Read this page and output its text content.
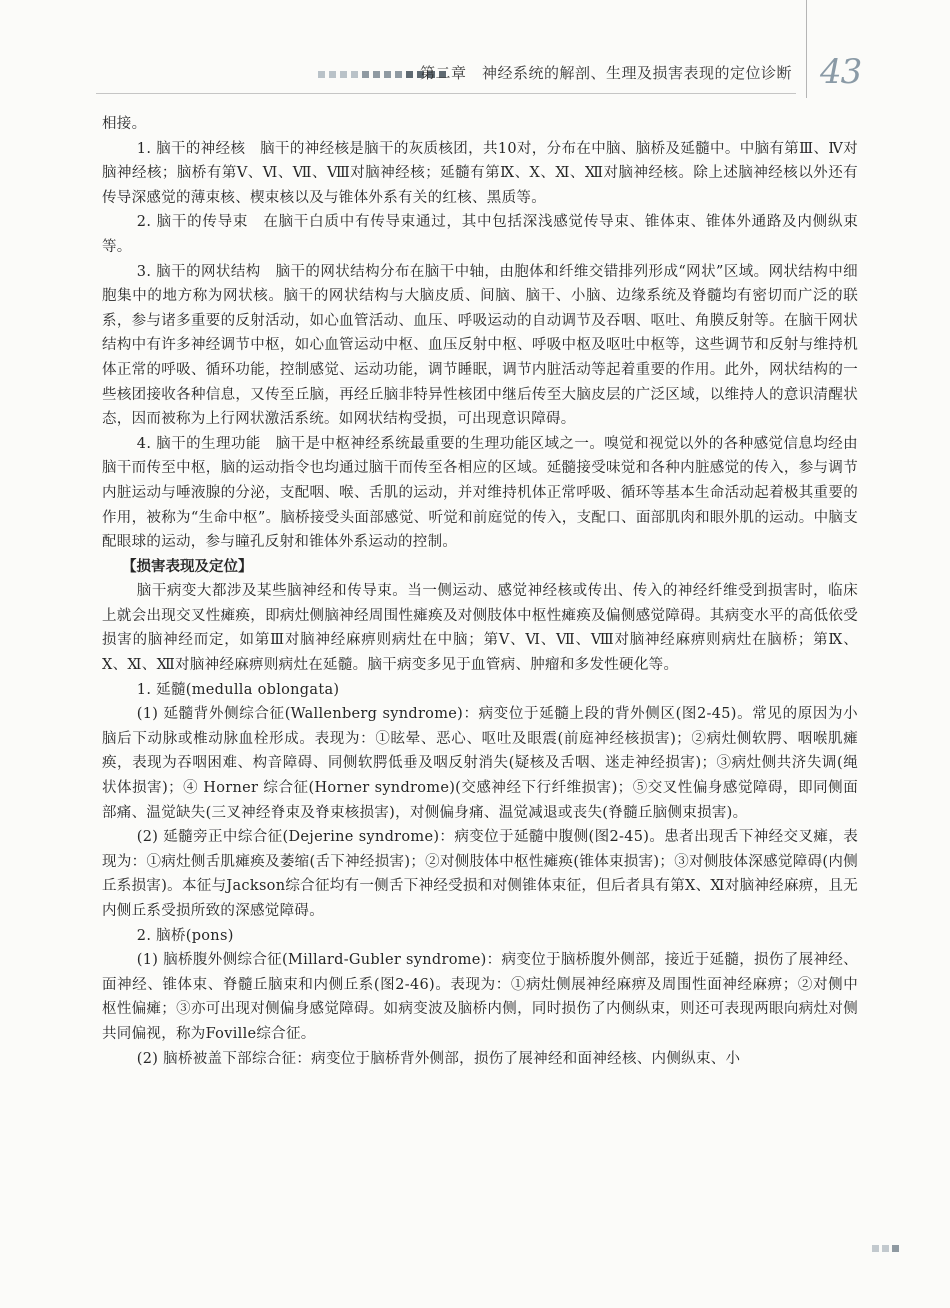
第二章　神经系统的解剖、生理及损害表现的定位诊断 43

相接。

1. 脑干的神经核　脑干的神经核是脑干的灰质核团，共10对，分布在中脑、脑桥及延髓中。中脑有第Ⅲ、Ⅳ对脑神经核；脑桥有第Ⅴ、Ⅵ、Ⅶ、Ⅷ对脑神经核；延髓有第Ⅸ、Ⅹ、Ⅺ、Ⅻ对脑神经核。除上述脑神经核以外还有传导深感觉的薄束核、楔束核以及与锥体外系有关的红核、黑质等。

2. 脑干的传导束　在脑干白质中有传导束通过，其中包括深浅感觉传导束、锥体束、锥体外通路及内侧纵束等。

3. 脑干的网状结构　脑干的网状结构分布在脑干中轴，由胞体和纤维交错排列形成“网状”区域。网状结构中细胞集中的地方称为网状核。脑干的网状结构与大脑皮质、间脑、脑干、小脑、边缘系统及脊髓均有密切而广泛的联系，参与诸多重要的反射活动，如心血管活动、血压、呼吸运动的自动调节及吞咽、呕吐、角膜反射等。在脑干网状结构中有许多神经调节中枢，如心血管运动中枢、血压反射中枢、呼吸中枢及呕吐中枢等，这些调节和反射与维持机体正常的呼吸、循环功能，控制感觉、运动功能，调节睡眠，调节内脏活动等起着重要的作用。此外，网状结构的一些核团接收各种信息，又传至丘脑，再经丘脑非特异性核团中继后传至大脑皮层的广泛区域，以维持人的意识清醒状态，因而被称为上行网状激活系统。如网状结构受损，可出现意识障碍。

4. 脑干的生理功能　脑干是中枢神经系统最重要的生理功能区域之一。嗅觉和视觉以外的各种感觉信息均经由脑干而传至中枢，脑的运动指令也均通过脑干而传至各相应的区域。延髓接受味觉和各种内脏感觉的传入，参与调节内脏运动与唾液腺的分泌，支配咽、喉、舌肌的运动，并对维持机体正常呼吸、循环等基本生命活动起着极其重要的作用，被称为“生命中枢”。脑桥接受头面部感觉、听觉和前庭觉的传入，支配口、面部肌肉和眼外肌的运动。中脑支配眼球的运动，参与瞳孔反射和锥体外系运动的控制。

【损害表现及定位】

脑干病变大都涉及某些脑神经和传导束。当一侧运动、感觉神经核或传出、传入的神经纤维受到损害时，临床上就会出现交叉性瘫痪，即病灶侧脑神经周围性瘫痪及对侧肢体中枢性瘫痪及偏侧感觉障碍。其病变水平的高低依受损害的脑神经而定，如第Ⅲ对脑神经麻痹则病灶在中脑；第Ⅴ、Ⅵ、Ⅶ、Ⅷ对脑神经麻痹则病灶在脑桥；第Ⅸ、Ⅹ、Ⅺ、Ⅻ对脑神经麻痹则病灶在延髓。脑干病变多见于血管病、肿瘤和多发性硬化等。

1. 延髓(medulla oblongata)

(1) 延髓背外侧综合征(Wallenberg syndrome)：病变位于延髓上段的背外侧区(图2-45)。常见的原因为小脑后下动脉或椎动脉血栓形成。表现为：①眩晕、恶心、呕吐及眼震(前庭神经核损害)；②病灶侧软腭、咽喉肌瘫痪，表现为吞咽困难、构音障碍、同侧软腭低垂及咽反射消失(疑核及舌咽、迷走神经损害)；③病灶侧共济失调(绳状体损害)；④ Horner 综合征(Horner syndrome)(交感神经下行纤维损害)；⑤交叉性偏身感觉障碍，即同侧面部痛、温觉缺失(三叉神经脊束及脊束核损害)，对侧偏身痛、温觉减退或丧失(脊髓丘脑侧束损害)。

(2) 延髓旁正中综合征(Dejerine syndrome)：病变位于延髓中腹侧(图2-45)。患者出现舌下神经交叉瘫，表现为：①病灶侧舌肌瘫痪及萎缩(舌下神经损害)；②对侧肢体中枢性瘫痪(锥体束损害)；③对侧肢体深感觉障碍(内侧丘系损害)。本征与Jackson综合征均有一侧舌下神经受损和对侧锥体束征，但后者具有第Ⅹ、Ⅺ对脑神经麻痹，且无内侧丘系受损所致的深感觉障碍。

2. 脑桥(pons)

(1) 脑桥腹外侧综合征(Millard-Gubler syndrome)：病变位于脑桥腹外侧部，接近于延髓，损伤了展神经、面神经、锥体束、脊髓丘脑束和内侧丘系(图2-46)。表现为：①病灶侧展神经麻痹及周围性面神经麻痹；②对侧中枢性偏瘫；③亦可出现对侧偏身感觉障碍。如病变波及脑桥内侧，同时损伤了内侧纵束，则还可表现两眼向病灶对侧共同偏视，称为Foville综合征。

(2) 脑桥被盖下部综合征：病变位于脑桥背外侧部，损伤了展神经和面神经核、内侧纵束、小
